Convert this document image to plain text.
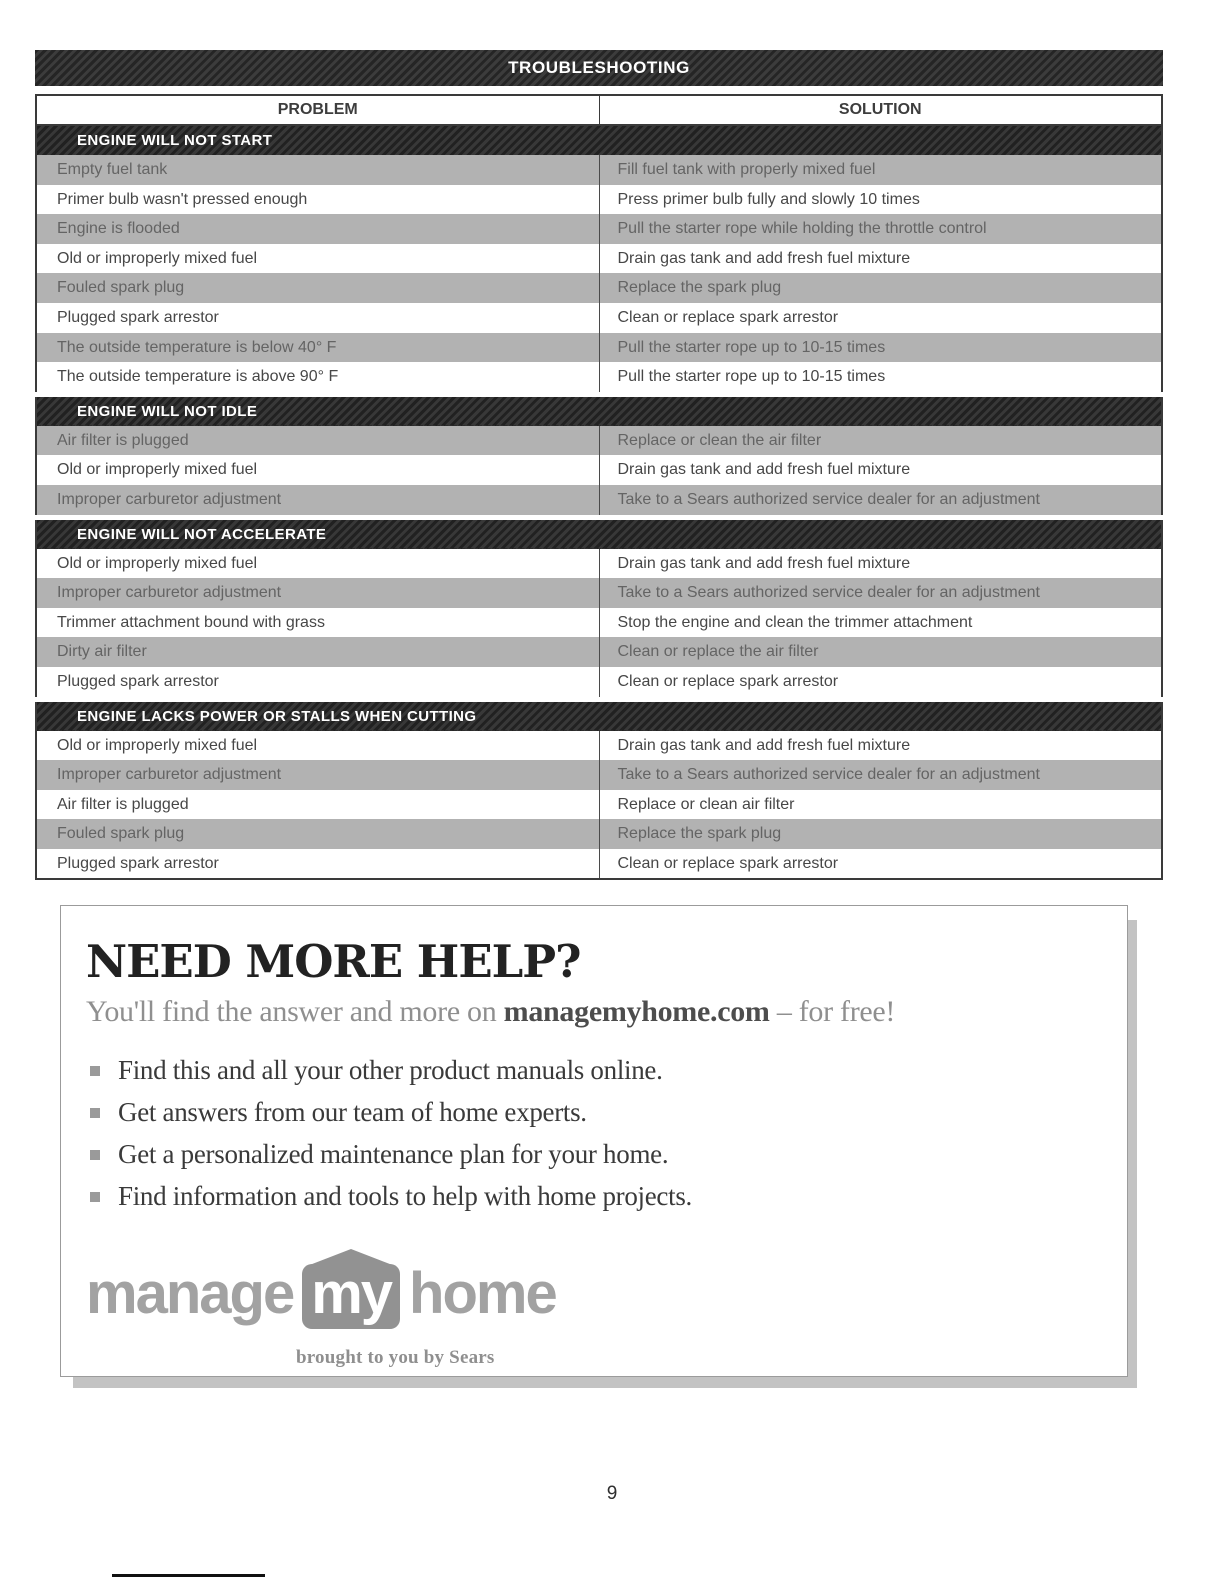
TROUBLESHOOTING
PROBLEM	SOLUTION
ENGINE WILL NOT START	
Empty fuel tank	Fill fuel tank with properly mixed fuel
Primer bulb wasn't pressed enough	Press primer bulb fully and slowly 10 times
Engine is flooded	Pull the starter rope while holding the throttle control
Old or improperly mixed fuel	Drain gas tank and add fresh fuel mixture
Fouled spark plug	Replace the spark plug
Plugged spark arrestor	Clean or replace spark arrestor
The outside temperature is below 40° F	Pull the starter rope up to 10-15 times
The outside temperature is above 90° F	Pull the starter rope up to 10-15 times
ENGINE WILL NOT IDLE	
Air filter is plugged	Replace or clean the air filter
Old or improperly mixed fuel	Drain gas tank and add fresh fuel mixture
Improper carburetor adjustment	Take to a Sears authorized service dealer for an adjustment
ENGINE WILL NOT ACCELERATE	
Old or improperly mixed fuel	Drain gas tank and add fresh fuel mixture
Improper carburetor adjustment	Take to a Sears authorized service dealer for an adjustment
Trimmer attachment bound with grass	Stop the engine and clean the trimmer attachment
Dirty air filter	Clean or replace the air filter
Plugged spark arrestor	Clean or replace spark arrestor
ENGINE LACKS POWER OR STALLS WHEN CUTTING	
Old or improperly mixed fuel	Drain gas tank and add fresh fuel mixture
Improper carburetor adjustment	Take to a Sears authorized service dealer for an adjustment
Air filter is plugged	Replace or clean air filter
Fouled spark plug	Replace the spark plug
Plugged spark arrestor	Clean or replace spark arrestor
NEED MORE HELP?
You'll find the answer and more on managemyhome.com – for free!
Find this and all your other product manuals online.
Get answers from our team of home experts.
Get a personalized maintenance plan for your home.
Find information and tools to help with home projects.
manage my home
brought to you by Sears
9
